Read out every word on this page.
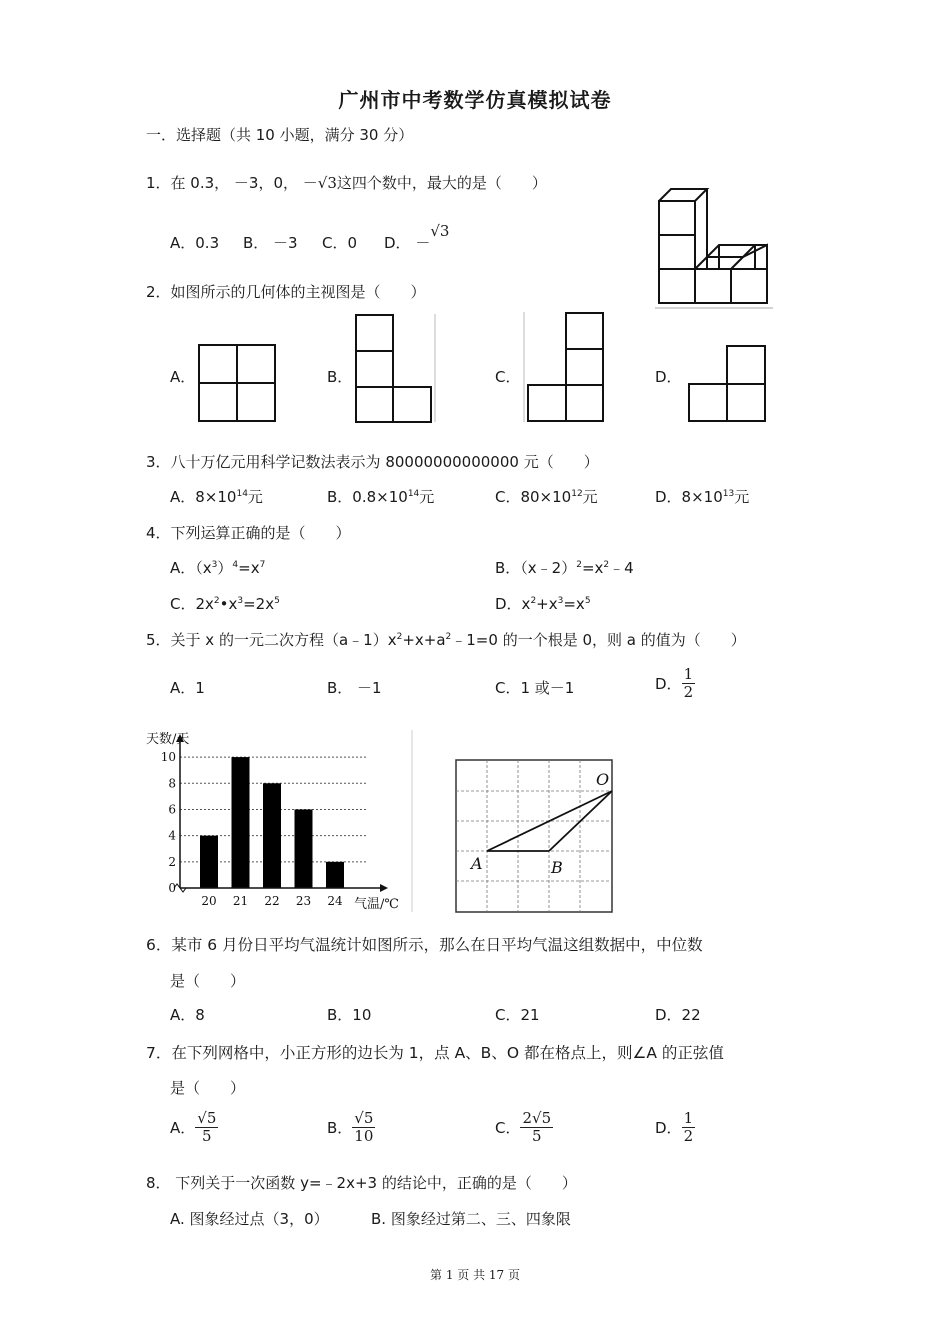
广州市中考数学仿真模拟试卷
一．选择题（共 10 小题，满分 30 分）
1．在 0.3， －3，0， －√3这四个数中，最大的是（　　）
A．0.3 B． －3 C．0 D． －√3
2．如图所示的几何体的主视图是（　　）
A．	B．	C．	D．
3．八十万亿元用科学记数法表示为 80000000000000 元（　　）
A．$8\times 10^{14}$元	B．$0.8\times 10^{14}$元	C．$80\times 10^{12}$元	D．$8\times 10^{13}$元
4．下列运算正确的是（　　）
A．$(x^3)^4=x^7$	B．$(x﹣2)^2=x^2﹣4$
C．$2x^2•x^3=2x^5$	D．$x^2+x^3=x^5$
5．关于 x 的一元二次方程$(a﹣1)x^2+x+a^2﹣1=0$ 的一个根是 0，则 a 的值为（　　）
A．1	B． －1	C．1 或－1	D． $\frac{1}{2}$
0
2
4
6
8
10
20 21 22 23 24
天数/天
气温/℃
A	B
O
6．某市 6 月份日平均气温统计如图所示，那么在日平均气温这组数据中，中位数
是（　　）
A．8	B．10	C．21	D．22
7．在下列网格中，小正方形的边长为 1，点 A、B、O 都在格点上，则∠A 的正弦值
是（　　）
A． $\frac{√5}{5}$	B． $\frac{√5}{10}$	C． $\frac{2√5}{5}$	D． $\frac{1}{2}$
8． 下列关于一次函数 y=﹣2x+3 的结论中，正确的是（　　）
A. 图象经过点（3，0）	B. 图象经过第二、三、四象限
第 1 页 共 17 页
